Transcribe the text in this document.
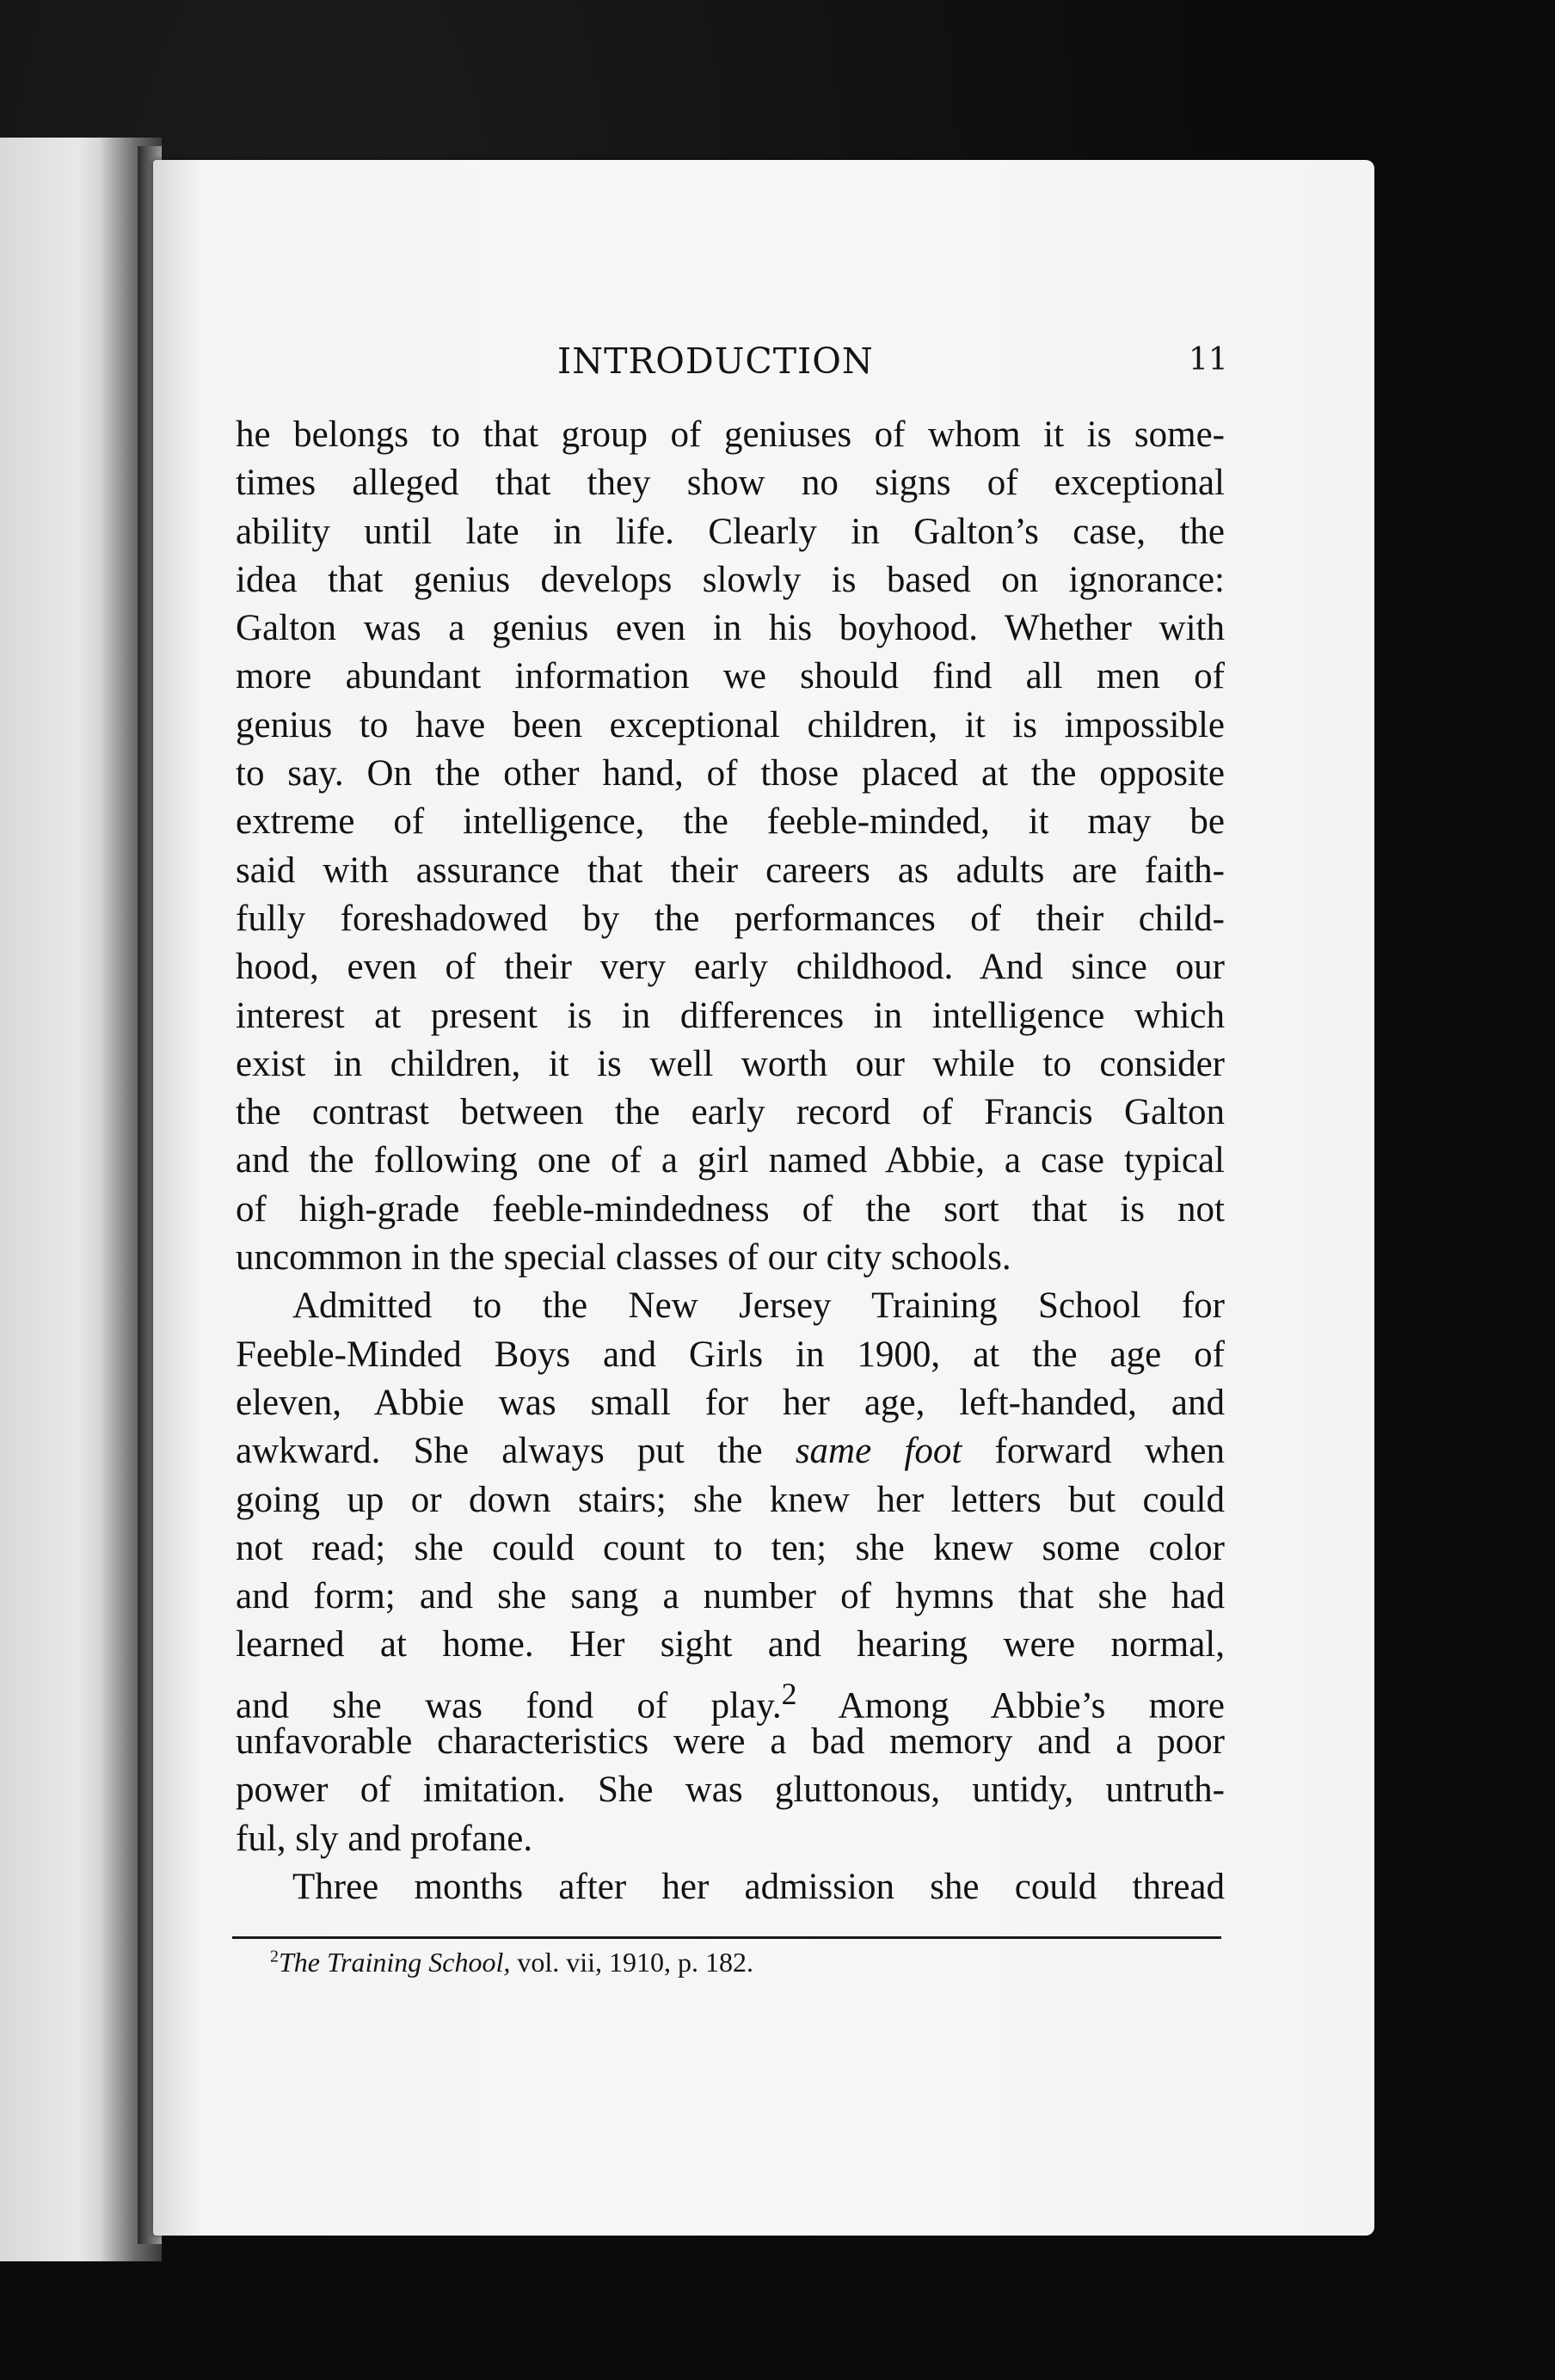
INTRODUCTION	11
he belongs to that group of geniuses of whom it is some-
times alleged that they show no signs of exceptional
ability until late in life. Clearly in Galton’s case, the
idea that genius develops slowly is based on ignorance:
Galton was a genius even in his boyhood. Whether with
more abundant information we should find all men of
genius to have been exceptional children, it is impossible
to say. On the other hand, of those placed at the opposite
extreme of intelligence, the feeble-minded, it may be
said with assurance that their careers as adults are faith-
fully foreshadowed by the performances of their child-
hood, even of their very early childhood. And since our
interest at present is in differences in intelligence which
exist in children, it is well worth our while to consider
the contrast between the early record of Francis Galton
and the following one of a girl named Abbie, a case typical
of high-grade feeble-mindedness of the sort that is not
uncommon in the special classes of our city schools.
Admitted to the New Jersey Training School for
Feeble-Minded Boys and Girls in 1900, at the age of
eleven, Abbie was small for her age, left-handed, and
awkward. She always put the same foot forward when
going up or down stairs; she knew her letters but could
not read; she could count to ten; she knew some color
and form; and she sang a number of hymns that she had
learned at home. Her sight and hearing were normal,
and she was fond of play.$^2$ Among Abbie’s more
unfavorable characteristics were a bad memory and a poor
power of imitation. She was gluttonous, untidy, untruth-
ful, sly and profane.
Three months after her admission she could thread
$^2$The Training School, vol. vii, 1910, p. 182.
